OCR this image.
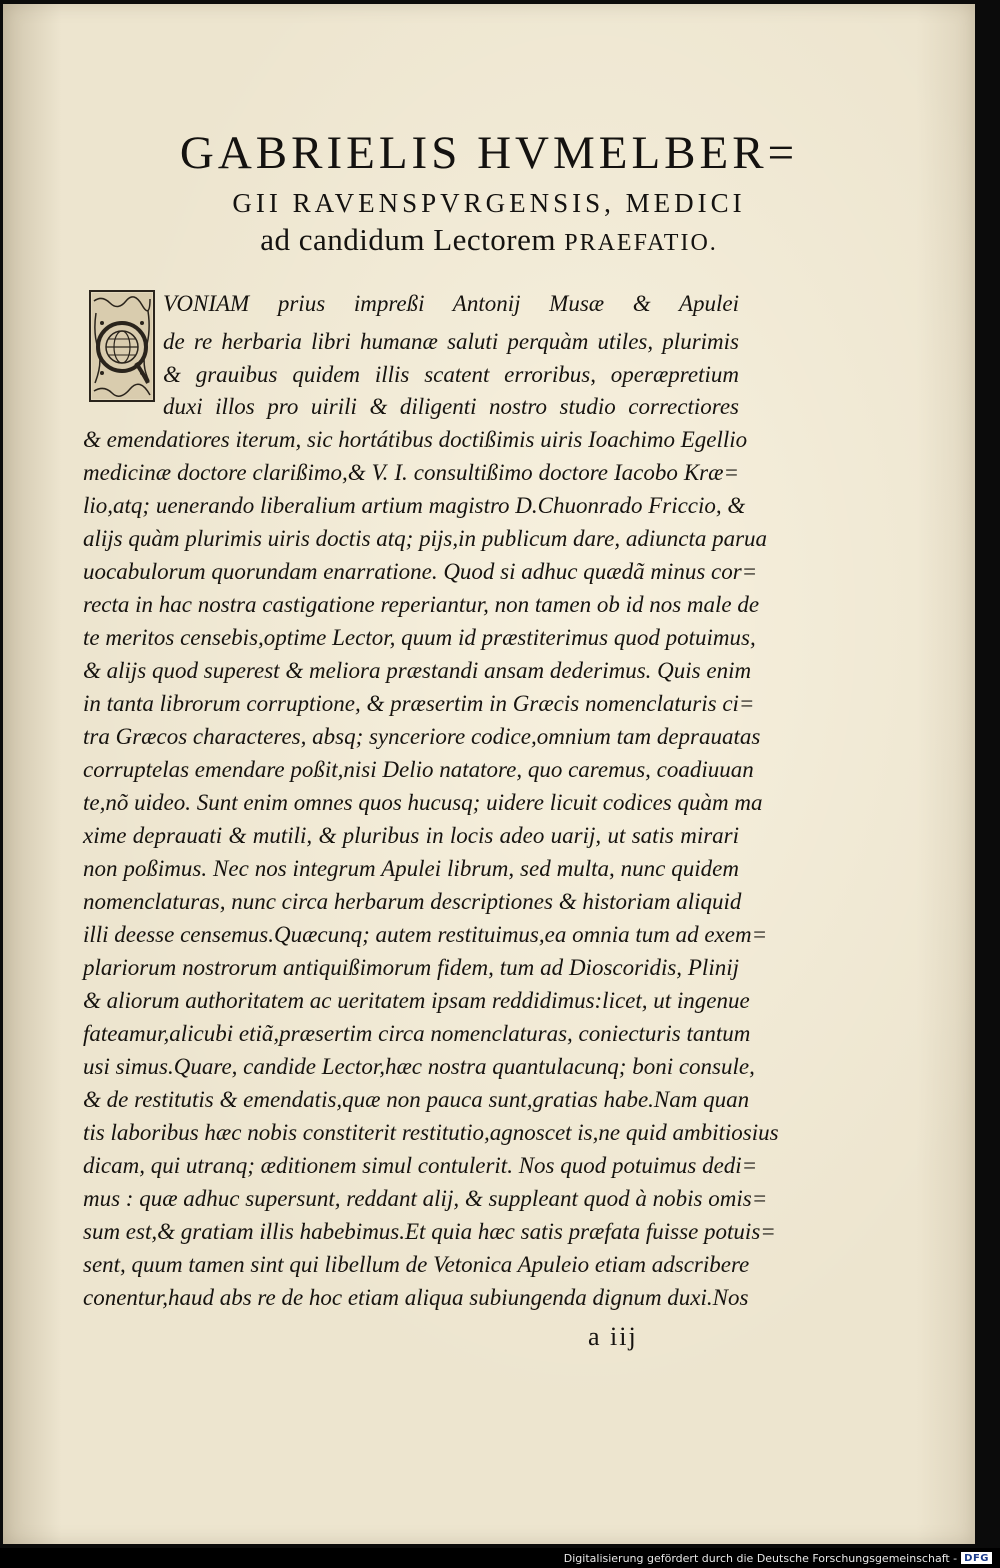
GABRIELIS HVMELBER=
GII RAVENSPVRGENSIS, MEDICI
ad candidum Lectorem PRAEFATIO.
VONIAM prius impreßi Antonij Musæ & Apulei
de re herbaria libri humanæ saluti perquàm utiles, plurimis
& grauibus quidem illis scatent erroribus, operæpretium
duxi illos pro uirili & diligenti nostro studio correctiores
& emendatiores iterum, sic hortátibus doctißimis uiris Ioachimo Egellio
medicinæ doctore clarißimo,& V. I. consultißimo doctore Iacobo Kræ=
lio,atq; uenerando liberalium artium magistro D.Chuonrado Friccio, &
alijs quàm plurimis uiris doctis atq; pijs,in publicum dare, adiuncta parua
uocabulorum quorundam enarratione. Quod si adhuc quædã minus cor=
recta in hac nostra castigatione reperiantur, non tamen ob id nos male de
te meritos censebis,optime Lector, quum id præstiterimus quod potuimus,
& alijs quod superest & meliora præstandi ansam dederimus. Quis enim
in tanta librorum corruptione, & præsertim in Græcis nomenclaturis ci=
tra Græcos characteres, absq; synceriore codice,omnium tam deprauatas
corruptelas emendare poßit,nisi Delio natatore, quo caremus, coadiuuan
te,nõ uideo. Sunt enim omnes quos hucusq; uidere licuit codices quàm ma
xime deprauati & mutili, & pluribus in locis adeo uarij, ut satis mirari
non poßimus. Nec nos integrum Apulei librum, sed multa, nunc quidem
nomenclaturas, nunc circa herbarum descriptiones & historiam aliquid
illi deesse censemus.Quæcunq; autem restituimus,ea omnia tum ad exem=
plariorum nostrorum antiquißimorum fidem, tum ad Dioscoridis, Plinij
& aliorum authoritatem ac ueritatem ipsam reddidimus:licet, ut ingenue
fateamur,alicubi etiã,præsertim circa nomenclaturas, coniecturis tantum
usi simus.Quare, candide Lector,hæc nostra quantulacunq; boni consule,
& de restitutis & emendatis,quæ non pauca sunt,gratias habe.Nam quan
tis laboribus hæc nobis constiterit restitutio,agnoscet is,ne quid ambitiosius
dicam, qui utranq; æditionem simul contulerit. Nos quod potuimus dedi=
mus : quæ adhuc supersunt, reddant alij, & suppleant quod à nobis omis=
sum est,& gratiam illis habebimus.Et quia hæc satis præfata fuisse potuis=
sent, quum tamen sint qui libellum de Vetonica Apuleio etiam adscribere
conentur,haud abs re de hoc etiam aliqua subiungenda dignum duxi.Nos
a iij
Digitalisierung gefördert durch die Deutsche Forschungsgemeinschaft - DFG
